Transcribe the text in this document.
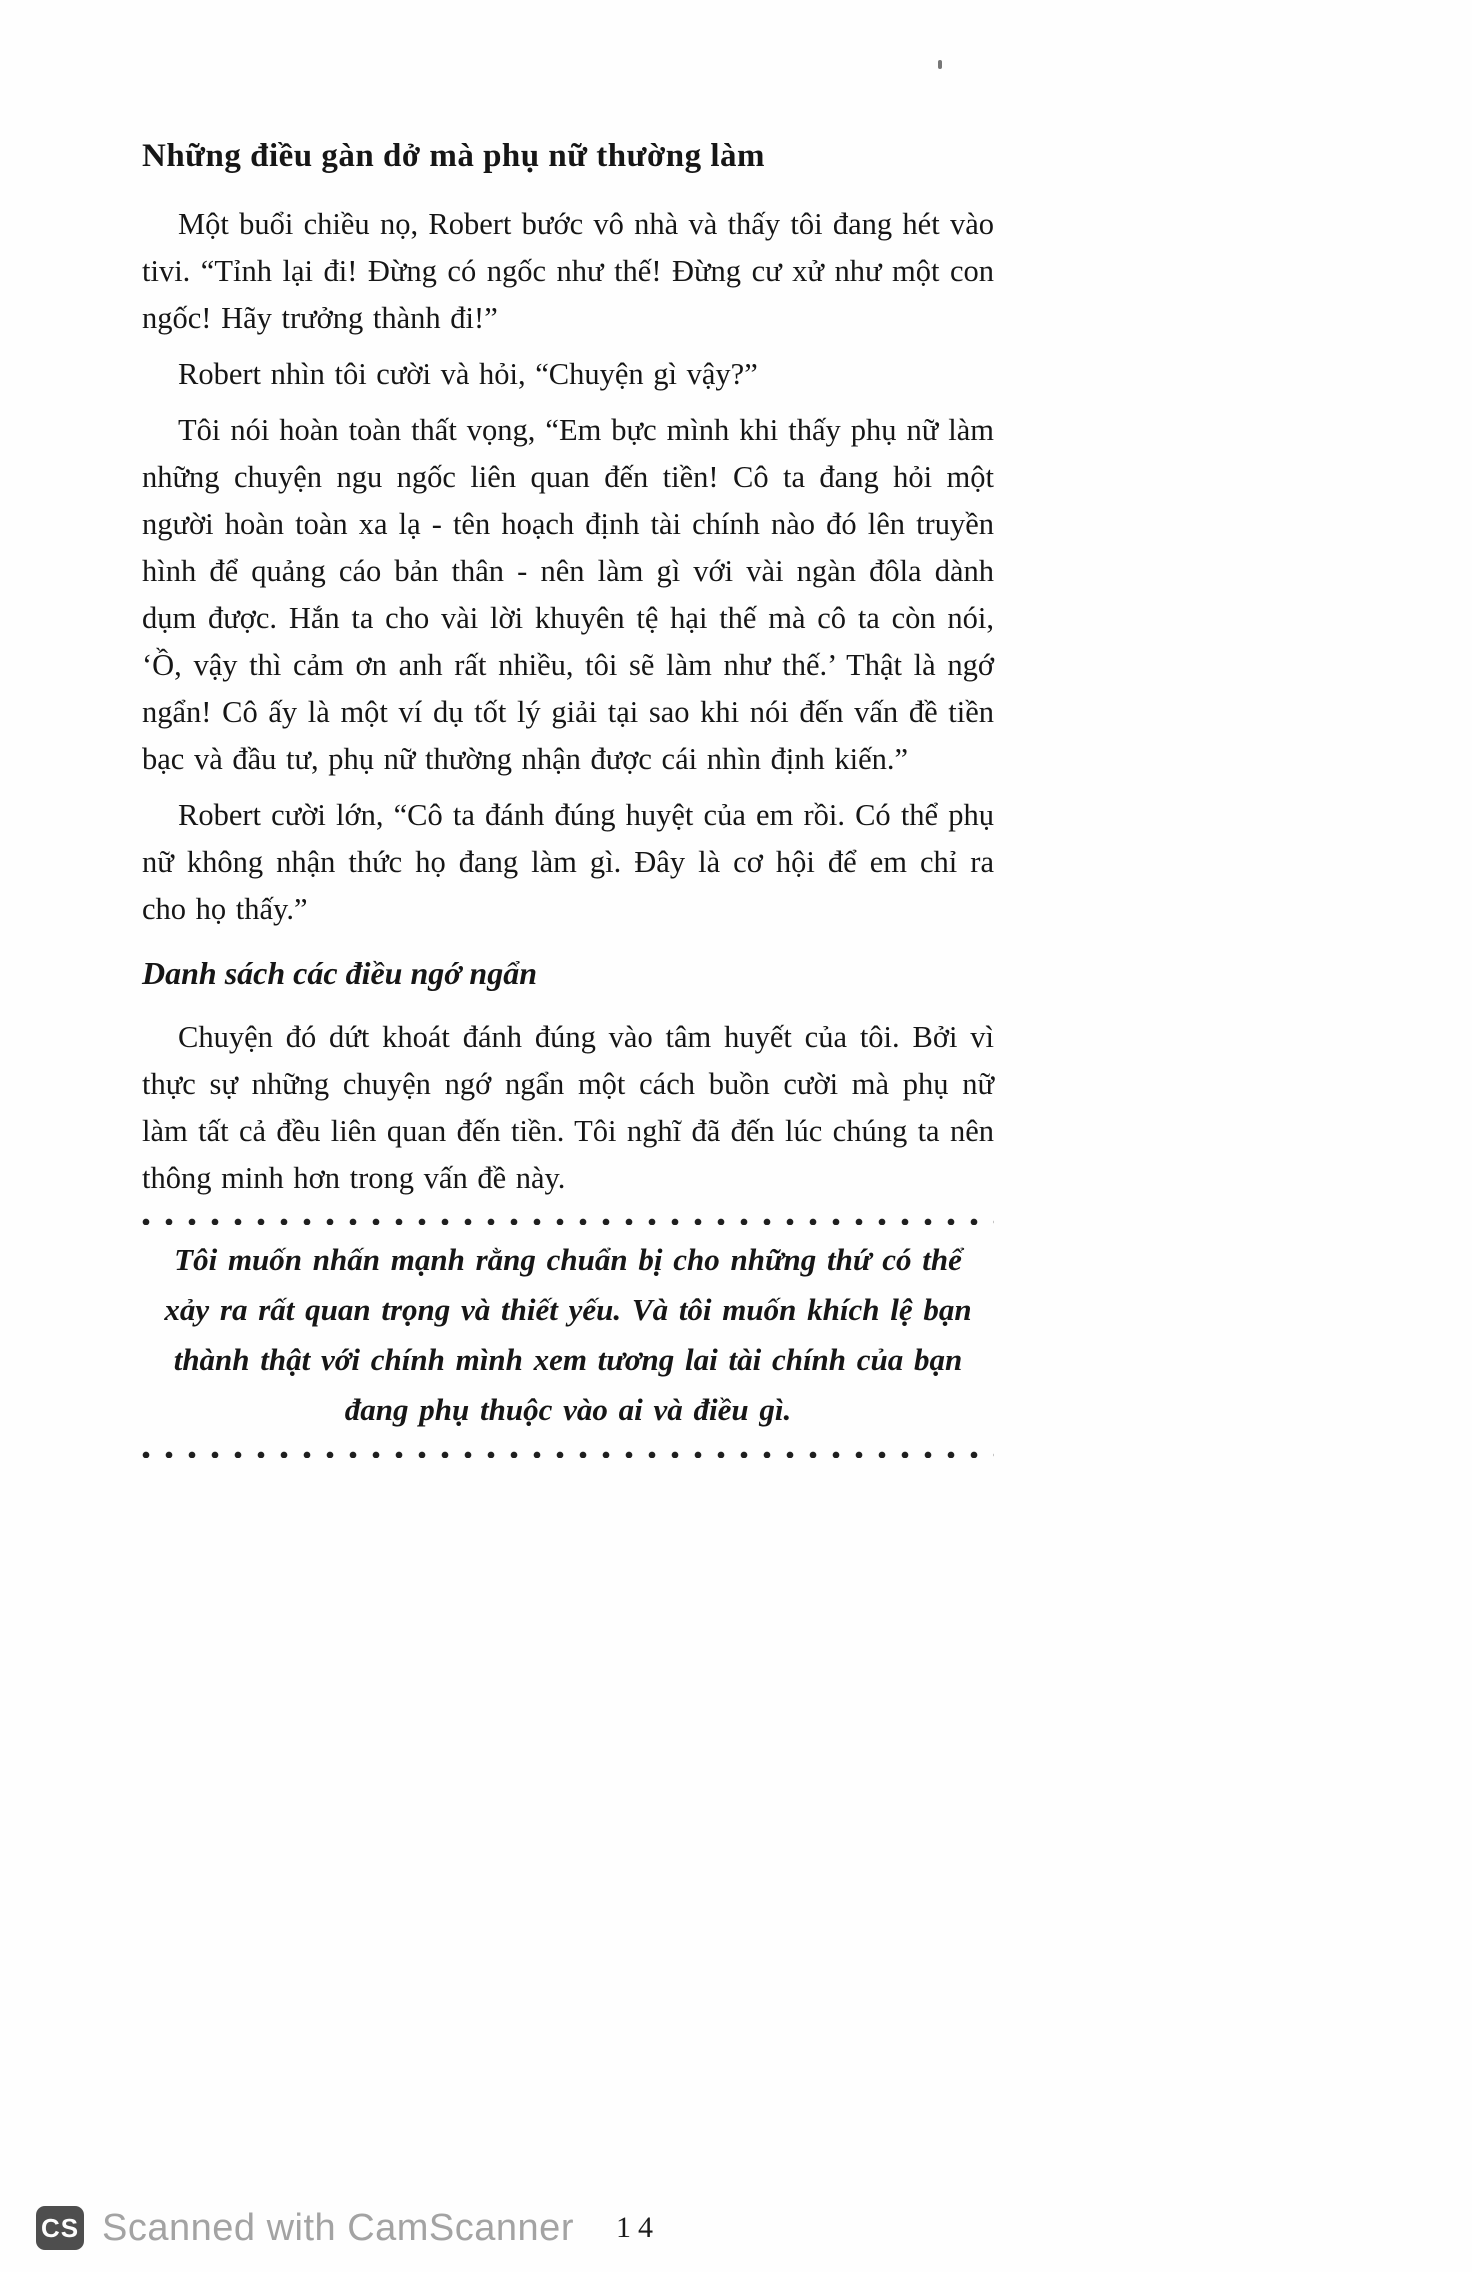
Những điều gàn dở mà phụ nữ thường làm

Một buổi chiều nọ, Robert bước vô nhà và thấy tôi đang hét vào tivi. “Tỉnh lại đi! Đừng có ngốc như thế! Đừng cư xử như một con ngốc! Hãy trưởng thành đi!”

Robert nhìn tôi cười và hỏi, “Chuyện gì vậy?”

Tôi nói hoàn toàn thất vọng, “Em bực mình khi thấy phụ nữ làm những chuyện ngu ngốc liên quan đến tiền! Cô ta đang hỏi một người hoàn toàn xa lạ - tên hoạch định tài chính nào đó lên truyền hình để quảng cáo bản thân - nên làm gì với vài ngàn đôla dành dụm được. Hắn ta cho vài lời khuyên tệ hại thế mà cô ta còn nói, ‘Ồ, vậy thì cảm ơn anh rất nhiều, tôi sẽ làm như thế.’ Thật là ngớ ngẩn! Cô ấy là một ví dụ tốt lý giải tại sao khi nói đến vấn đề tiền bạc và đầu tư, phụ nữ thường nhận được cái nhìn định kiến.”

Robert cười lớn, “Cô ta đánh đúng huyệt của em rồi. Có thể phụ nữ không nhận thức họ đang làm gì. Đây là cơ hội để em chỉ ra cho họ thấy.”

Danh sách các điều ngớ ngẩn

Chuyện đó dứt khoát đánh đúng vào tâm huyết của tôi. Bởi vì thực sự những chuyện ngớ ngẩn một cách buồn cười mà phụ nữ làm tất cả đều liên quan đến tiền. Tôi nghĩ đã đến lúc chúng ta nên thông minh hơn trong vấn đề này.

Tôi muốn nhấn mạnh rằng chuẩn bị cho những thứ có thể xảy ra rất quan trọng và thiết yếu. Và tôi muốn khích lệ bạn thành thật với chính mình xem tương lai tài chính của bạn đang phụ thuộc vào ai và điều gì.
CS Scanned with CamScanner 14
